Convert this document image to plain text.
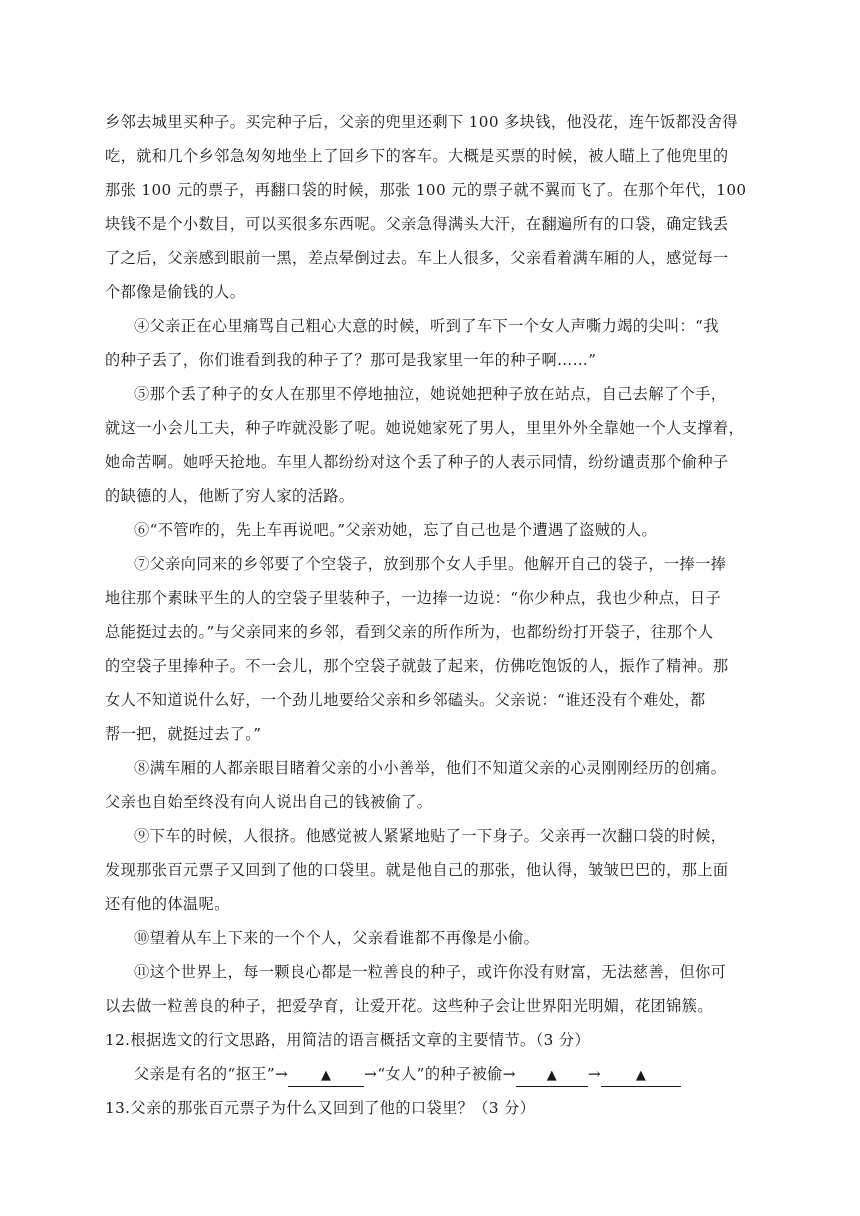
乡邻去城里买种子。买完种子后，父亲的兜里还剩下 100 多块钱，他没花，连午饭都没舍得
吃，就和几个乡邻急匆匆地坐上了回乡下的客车。大概是买票的时候，被人瞄上了他兜里的
那张 100 元的票子，再翻口袋的时候，那张 100 元的票子就不翼而飞了。在那个年代，100
块钱不是个小数目，可以买很多东西呢。父亲急得满头大汗，在翻遍所有的口袋，确定钱丢
了之后，父亲感到眼前一黑，差点晕倒过去。车上人很多，父亲看着满车厢的人，感觉每一
个都像是偷钱的人。
④父亲正在心里痛骂自己粗心大意的时候，听到了车下一个女人声嘶力竭的尖叫：“我
的种子丢了，你们谁看到我的种子了？那可是我家里一年的种子啊……”
⑤那个丢了种子的女人在那里不停地抽泣，她说她把种子放在站点，自己去解了个手，
就这一小会儿工夫，种子咋就没影了呢。她说她家死了男人，里里外外全靠她一个人支撑着，
她命苦啊。她呼天抢地。车里人都纷纷对这个丢了种子的人表示同情，纷纷谴责那个偷种子
的缺德的人，他断了穷人家的活路。
⑥“不管咋的，先上车再说吧。”父亲劝她，忘了自己也是个遭遇了盗贼的人。
⑦父亲向同来的乡邻要了个空袋子，放到那个女人手里。他解开自己的袋子，一捧一捧
地往那个素昧平生的人的空袋子里装种子，一边捧一边说：“你少种点，我也少种点，日子
总能挺过去的。”与父亲同来的乡邻，看到父亲的所作所为，也都纷纷打开袋子，往那个人
的空袋子里捧种子。不一会儿，那个空袋子就鼓了起来，仿佛吃饱饭的人，振作了精神。那
女人不知道说什么好，一个劲儿地要给父亲和乡邻磕头。父亲说：“谁还没有个难处，都
帮一把，就挺过去了。”
⑧满车厢的人都亲眼目睹着父亲的小小善举，他们不知道父亲的心灵刚刚经历的创痛。
父亲也自始至终没有向人说出自己的钱被偷了。
⑨下车的时候，人很挤。他感觉被人紧紧地贴了一下身子。父亲再一次翻口袋的时候，
发现那张百元票子又回到了他的口袋里。就是他自己的那张，他认得，皱皱巴巴的，那上面
还有他的体温呢。
⑩望着从车上下来的一个个人，父亲看谁都不再像是小偷。
⑪这个世界上，每一颗良心都是一粒善良的种子，或许你没有财富，无法慈善，但你可
以去做一粒善良的种子，把爱孕育，让爱开花。这些种子会让世界阳光明媚，花团锦簇。
12.根据选文的行文思路，用简洁的语言概括文章的主要情节。（3 分）
父亲是有名的“抠王”→	▲ →“女人”的种子被偷→ ▲ →	▲
13.父亲的那张百元票子为什么又回到了他的口袋里？（3 分）
